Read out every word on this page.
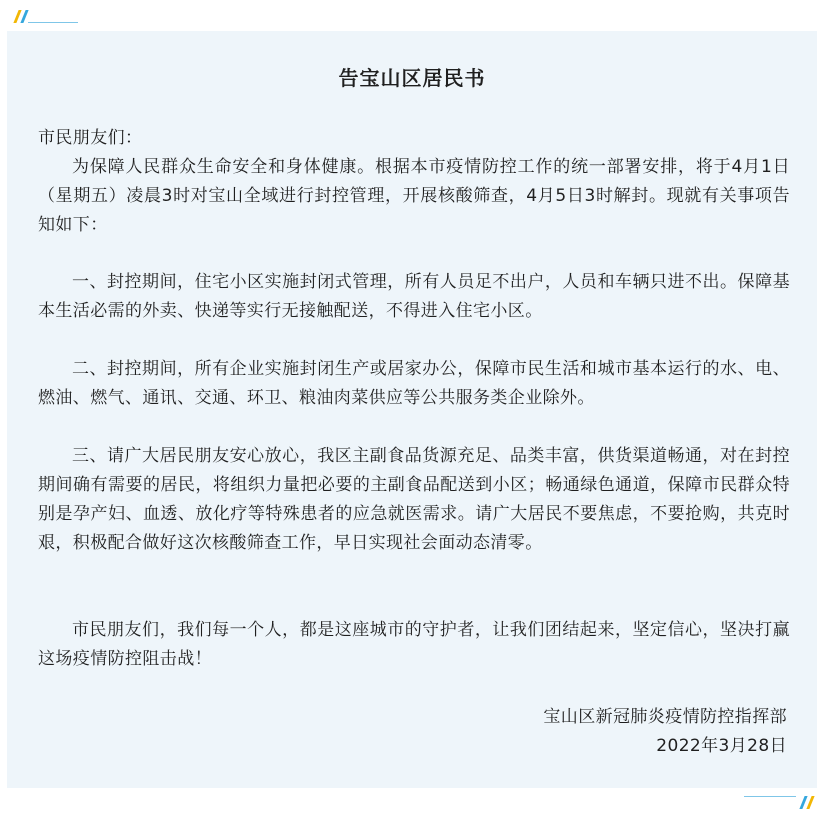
告宝山区居民书

市民朋友们：

为保障人民群众生命安全和身体健康。根据本市疫情防控工作的统一部署安排，将于4月1日（星期五）凌晨3时对宝山全域进行封控管理，开展核酸筛查，4月5日3时解封。现就有关事项告知如下：

一、封控期间，住宅小区实施封闭式管理，所有人员足不出户，人员和车辆只进不出。保障基本生活必需的外卖、快递等实行无接触配送，不得进入住宅小区。

二、封控期间，所有企业实施封闭生产或居家办公，保障市民生活和城市基本运行的水、电、燃油、燃气、通讯、交通、环卫、粮油肉菜供应等公共服务类企业除外。

三、请广大居民朋友安心放心，我区主副食品货源充足、品类丰富，供货渠道畅通，对在封控期间确有需要的居民，将组织力量把必要的主副食品配送到小区；畅通绿色通道，保障市民群众特别是孕产妇、血透、放化疗等特殊患者的应急就医需求。请广大居民不要焦虑，不要抢购，共克时艰，积极配合做好这次核酸筛查工作，早日实现社会面动态清零。

市民朋友们，我们每一个人，都是这座城市的守护者，让我们团结起来，坚定信心，坚决打赢这场疫情防控阻击战！

宝山区新冠肺炎疫情防控指挥部
2022年3月28日
